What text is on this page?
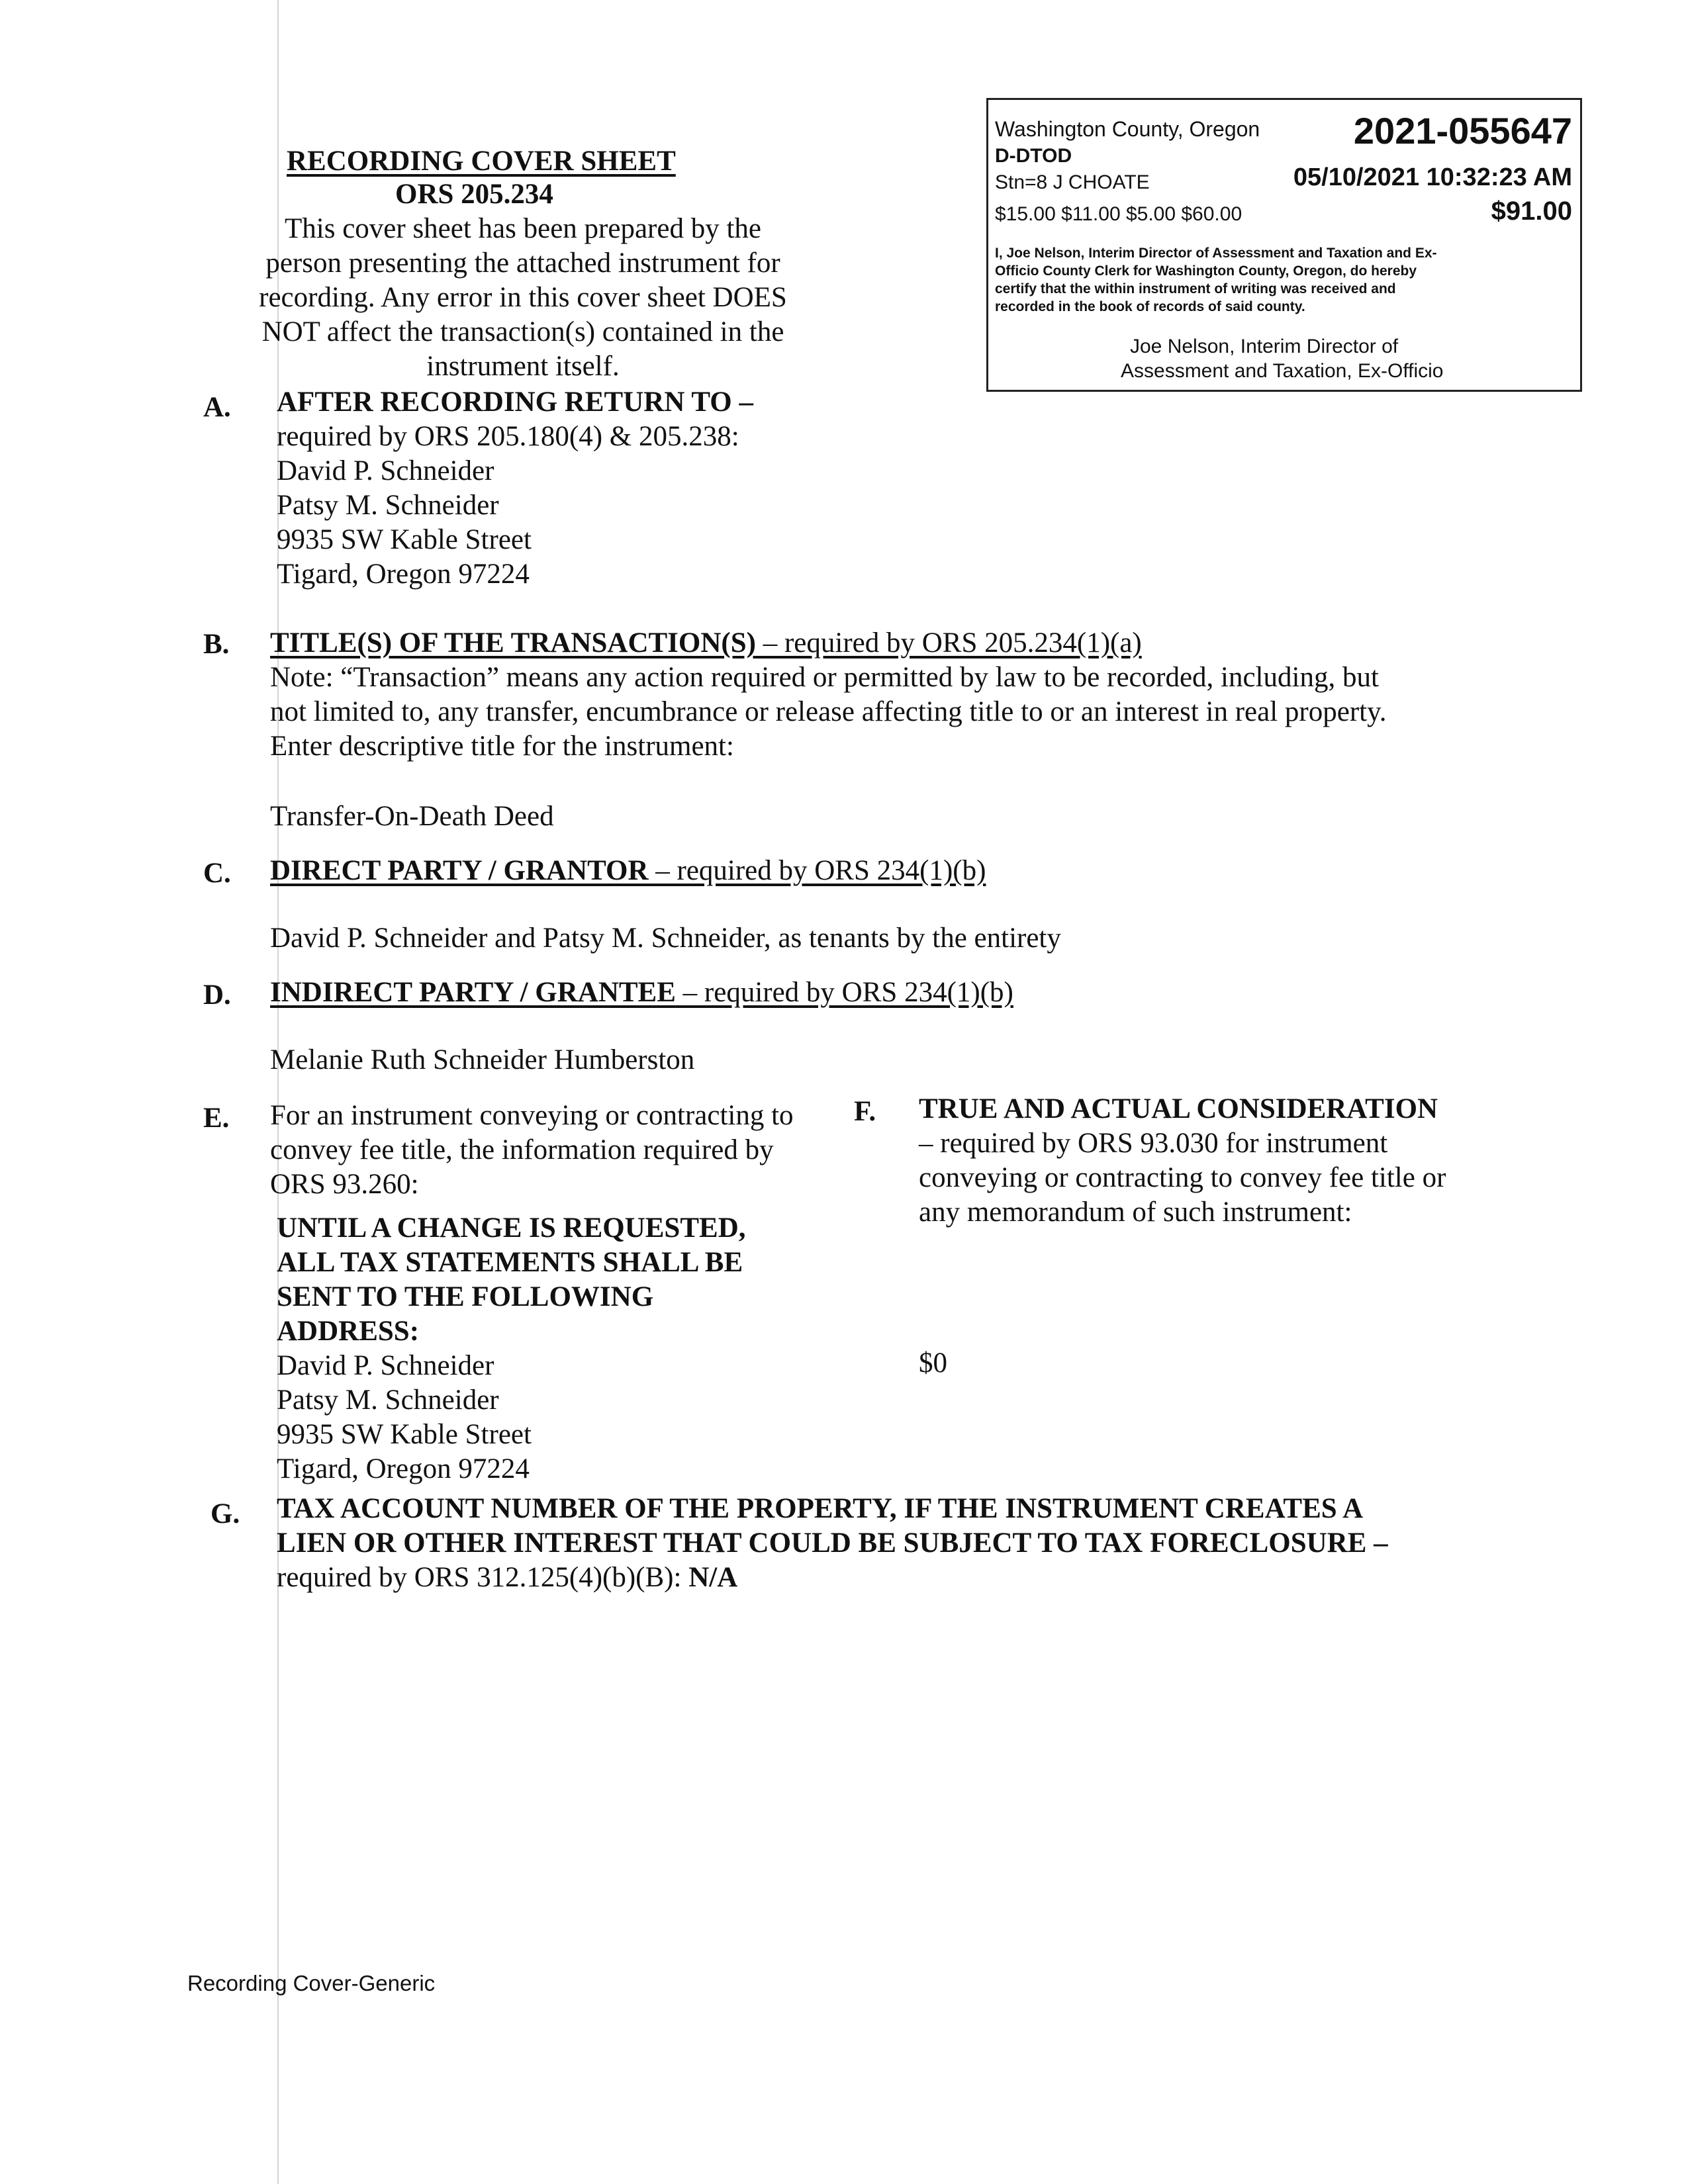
RECORDING COVER SHEET
ORS 205.234
This cover sheet has been prepared by the
person presenting the attached instrument for
recording. Any error in this cover sheet DOES
NOT affect the transaction(s) contained in the
instrument itself.
Washington County, Oregon	2021-055647
D-DTOD
Stn=8 J CHOATE	05/10/2021 10:32:23 AM
$15.00 $11.00 $5.00 $60.00	$91.00
I, Joe Nelson, Interim Director of Assessment and Taxation and Ex-
Officio County Clerk for Washington County, Oregon, do hereby
certify that the within instrument of writing was received and
recorded in the book of records of said county.
Joe Nelson, Interim Director of
Assessment and Taxation, Ex-Officio
A. AFTER RECORDING RETURN TO –
required by ORS 205.180(4) & 205.238:
David P. Schneider
Patsy M. Schneider
9935 SW Kable Street
Tigard, Oregon 97224
B. TITLE(S) OF THE TRANSACTION(S) – required by ORS 205.234(1)(a)
Note: “Transaction” means any action required or permitted by law to be recorded, including, but
not limited to, any transfer, encumbrance or release affecting title to or an interest in real property.
Enter descriptive title for the instrument:
Transfer-On-Death Deed
C. DIRECT PARTY / GRANTOR – required by ORS 234(1)(b)
David P. Schneider and Patsy M. Schneider, as tenants by the entirety
D. INDIRECT PARTY / GRANTEE – required by ORS 234(1)(b)
Melanie Ruth Schneider Humberston
E. For an instrument conveying or contracting to
convey fee title, the information required by
ORS 93.260:
UNTIL A CHANGE IS REQUESTED,
ALL TAX STATEMENTS SHALL BE
SENT TO THE FOLLOWING
ADDRESS:
David P. Schneider
Patsy M. Schneider
9935 SW Kable Street
Tigard, Oregon 97224
F. TRUE AND ACTUAL CONSIDERATION
– required by ORS 93.030 for instrument
conveying or contracting to convey fee title or
any memorandum of such instrument:
$0
G. TAX ACCOUNT NUMBER OF THE PROPERTY, IF THE INSTRUMENT CREATES A
LIEN OR OTHER INTEREST THAT COULD BE SUBJECT TO TAX FORECLOSURE –
required by ORS 312.125(4)(b)(B): N/A
Recording Cover-Generic
